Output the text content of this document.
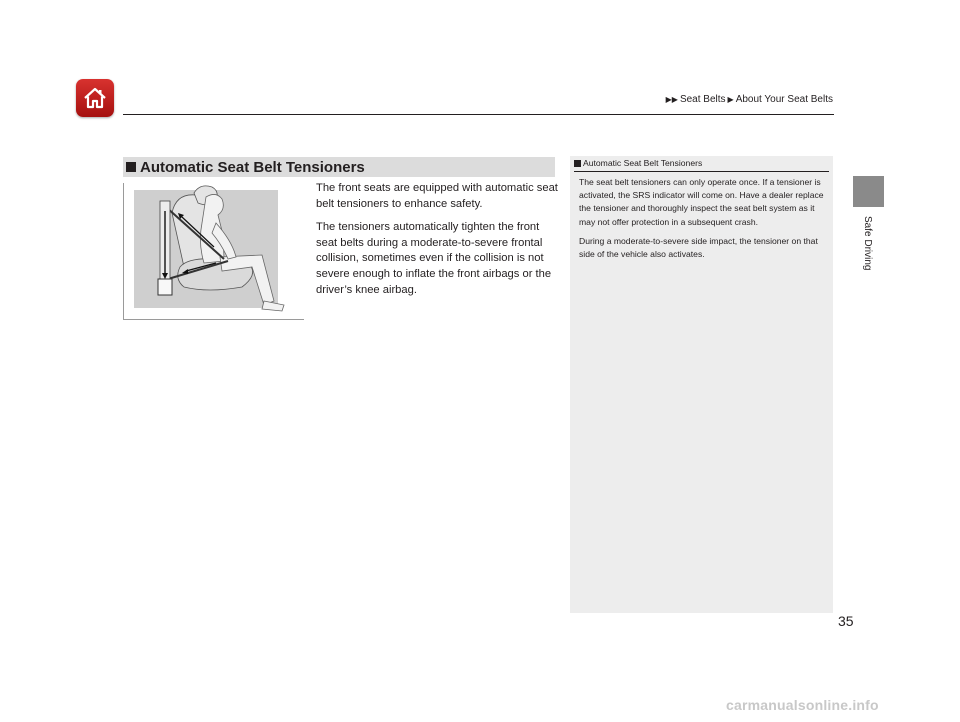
▶▶ Seat Belts ▶ About Your Seat Belts
Safe Driving
Automatic Seat Belt Tensioners

The front seats are equipped with automatic seat belt tensioners to enhance safety.

The tensioners automatically tighten the front seat belts during a moderate-to-severe frontal collision, sometimes even if the collision is not severe enough to inflate the front airbags or the driver’s knee airbag.

Automatic Seat Belt Tensioners

The seat belt tensioners can only operate once. If a tensioner is activated, the SRS indicator will come on. Have a dealer replace the tensioner and thoroughly inspect the seat belt system as it may not offer protection in a subsequent crash.

During a moderate-to-severe side impact, the tensioner on that side of the vehicle also activates.

35
carmanualsonline.info
